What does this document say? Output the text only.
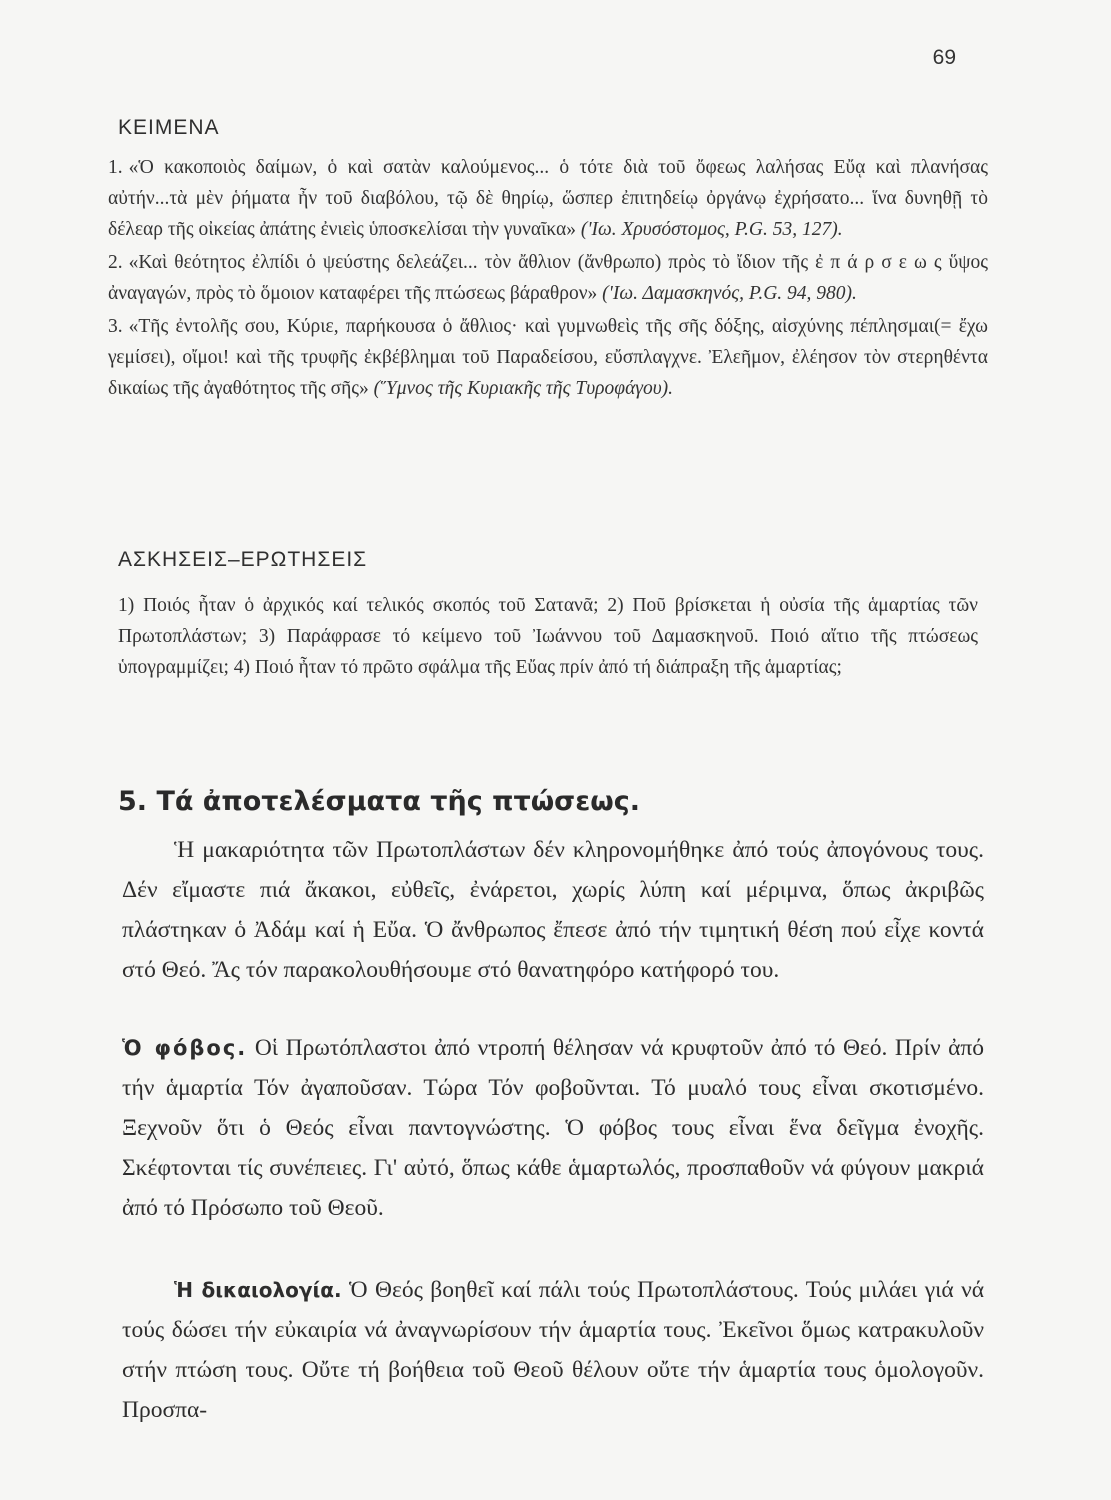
69
ΚΕΙΜΕΝΑ

1. «Ὁ κακοποιὸς δαίμων, ὁ καὶ σατὰν καλούμενος... ὁ τότε διὰ τοῦ ὄφεως λαλήσας Εὔᾳ καὶ πλανήσας αὐτήν...τὰ μὲν ῥήματα ἦν τοῦ διαβόλου, τῷ δὲ θηρίῳ, ὥσπερ ἐπιτηδείῳ ὀργάνῳ ἐχρήσατο... ἵνα δυνηθῇ τὸ δέλεαρ τῆς οἰκείας ἀπάτης ἐνιεὶς ὑποσκελίσαι τὴν γυναῖκα» ('Ιω. Χρυσόστομος, P.G. 53, 127).

2. «Καὶ θεότητος ἐλπίδι ὁ ψεύστης δελεάζει... τὸν ἄθλιον (ἄνθρωπο) πρὸς τὸ ἴδιον τῆς ἐ π ά ρ σ ε ω ς ὕψος ἀναγαγών, πρὸς τὸ ὅμοιον καταφέρει τῆς πτώσεως βάραθρον» ('Ιω. Δαμασκηνός, P.G. 94, 980).

3. «Τῆς ἐντολῆς σου, Κύριε, παρήκουσα ὁ ἄθλιος· καὶ γυμνωθεὶς τῆς σῆς δόξης, αἰσχύνης πέπλησμαι(= ἔχω γεμίσει), οἴμοι! καὶ τῆς τρυφῆς ἐκβέβλημαι τοῦ Παραδείσου, εὔσπλαγχνε. Ἐλεῆμον, ἐλέησον τὸν στερηθέντα δικαίως τῆς ἀγαθότητος τῆς σῆς» (Ὕμνος τῆς Κυριακῆς τῆς Τυροφάγου).

ΑΣΚΗΣΕΙΣ–ΕΡΩΤΗΣΕΙΣ
1) Ποιός ἦταν ὁ ἀρχικός καί τελικός σκοπός τοῦ Σατανᾶ; 2) Ποῦ βρίσκεται ἡ οὐσία τῆς ἁμαρτίας τῶν Πρωτοπλάστων; 3) Παράφρασε τό κείμενο τοῦ Ἰωάννου τοῦ Δαμασκηνοῦ. Ποιό αἴτιο τῆς πτώσεως ὑπογραμμίζει; 4) Ποιό ἦταν τό πρῶτο σφάλμα τῆς Εὔας πρίν ἀπό τή διάπραξη τῆς ἁμαρτίας;
5. Τά ἀποτελέσματα τῆς πτώσεως.

Ἡ μακαριότητα τῶν Πρωτοπλάστων δέν κληρονομήθηκε ἀπό τούς ἀπογόνους τους. Δέν εἴμαστε πιά ἄκακοι, εὐθεῖς, ἐνάρετοι, χωρίς λύπη καί μέριμνα, ὅπως ἀκριβῶς πλάστηκαν ὁ Ἀδάμ καί ἡ Εὔα. Ὁ ἄνθρωπος ἔπεσε ἀπό τήν τιμητική θέση πού εἶχε κοντά στό Θεό. Ἄς τόν παρακολουθήσουμε στό θανατηφόρο κατήφορό του.

Ὁ φόβος. Οἱ Πρωτόπλαστοι ἀπό ντροπή θέλησαν νά κρυφτοῦν ἀπό τό Θεό. Πρίν ἀπό τήν ἁμαρτία Τόν ἀγαποῦσαν. Τώρα Τόν φοβοῦνται. Τό μυαλό τους εἶναι σκοτισμένο. Ξεχνοῦν ὅτι ὁ Θεός εἶναι παντογνώστης. Ὁ φόβος τους εἶναι ἕνα δεῖγμα ἐνοχῆς. Σκέφτονται τίς συνέπειες. Γι' αὐτό, ὅπως κάθε ἁμαρτωλός, προσπαθοῦν νά φύγουν μακριά ἀπό τό Πρόσωπο τοῦ Θεοῦ.

Ἡ δικαιολογία. Ὁ Θεός βοηθεῖ καί πάλι τούς Πρωτοπλάστους. Τούς μιλάει γιά νά τούς δώσει τήν εὐκαιρία νά ἀναγνωρίσουν τήν ἁμαρτία τους. Ἐκεῖνοι ὅμως κατρακυλοῦν στήν πτώση τους. Οὔτε τή βοήθεια τοῦ Θεοῦ θέλουν οὔτε τήν ἁμαρτία τους ὁμολογοῦν. Προσπα-
